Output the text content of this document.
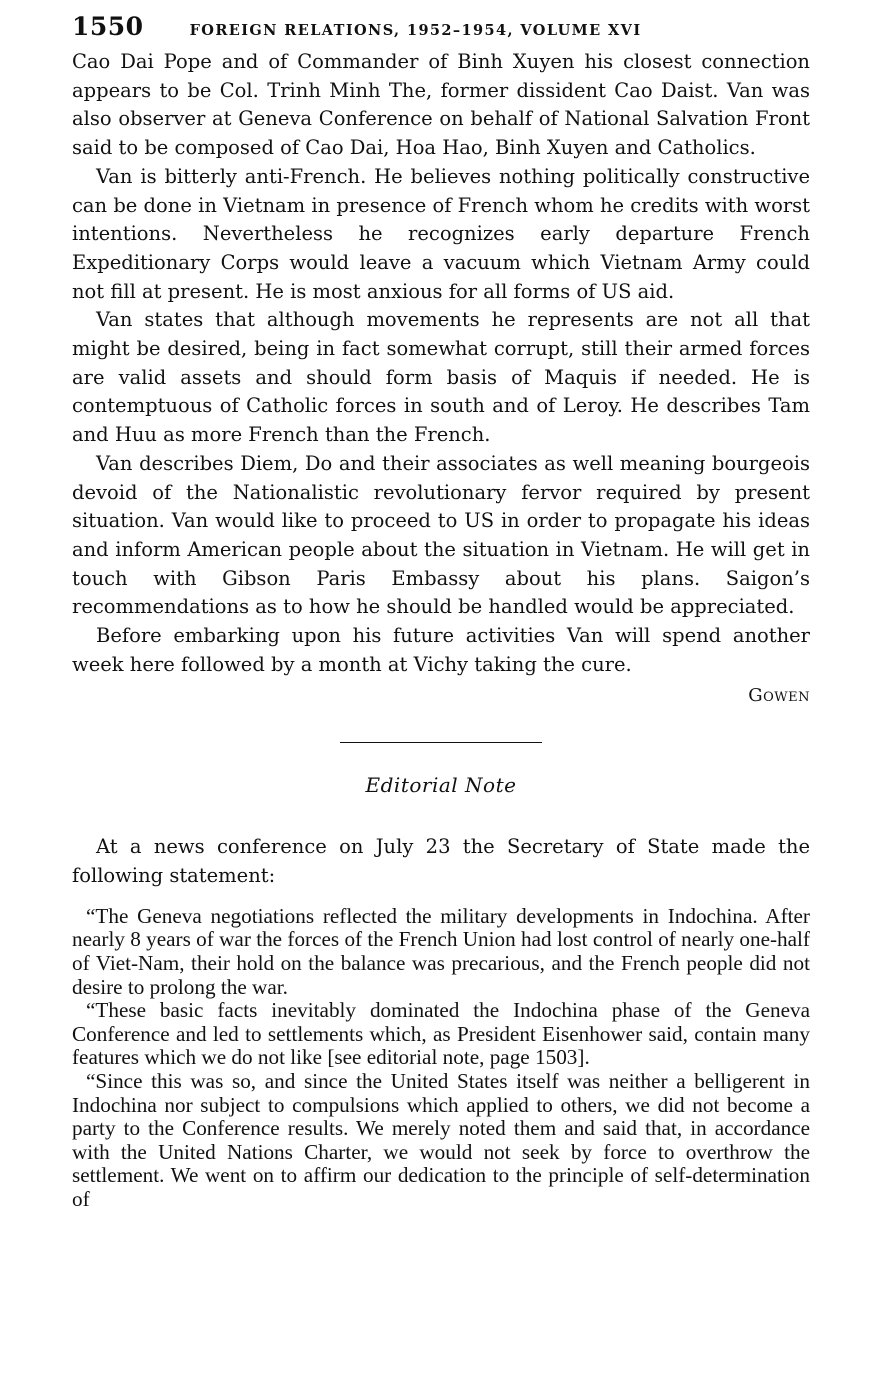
1550	FOREIGN RELATIONS, 1952–1954, VOLUME XVI

Cao Dai Pope and of Commander of Binh Xuyen his closest connection appears to be Col. Trinh Minh The, former dissident Cao Daist. Van was also observer at Geneva Conference on behalf of National Salvation Front said to be composed of Cao Dai, Hoa Hao, Binh Xuyen and Catholics.

Van is bitterly anti-French. He believes nothing politically constructive can be done in Vietnam in presence of French whom he credits with worst intentions. Nevertheless he recognizes early departure French Expeditionary Corps would leave a vacuum which Vietnam Army could not fill at present. He is most anxious for all forms of US aid.

Van states that although movements he represents are not all that might be desired, being in fact somewhat corrupt, still their armed forces are valid assets and should form basis of Maquis if needed. He is contemptuous of Catholic forces in south and of Leroy. He describes Tam and Huu as more French than the French.

Van describes Diem, Do and their associates as well meaning bourgeois devoid of the Nationalistic revolutionary fervor required by present situation. Van would like to proceed to US in order to propagate his ideas and inform American people about the situation in Vietnam. He will get in touch with Gibson Paris Embassy about his plans. Saigon’s recommendations as to how he should be handled would be appreciated.

Before embarking upon his future activities Van will spend another week here followed by a month at Vichy taking the cure.

Gowen
Editorial Note

At a news conference on July 23 the Secretary of State made the following statement:

“The Geneva negotiations reflected the military developments in Indochina. After nearly 8 years of war the forces of the French Union had lost control of nearly one-half of Viet-Nam, their hold on the balance was precarious, and the French people did not desire to prolong the war.

“These basic facts inevitably dominated the Indochina phase of the Geneva Conference and led to settlements which, as President Eisenhower said, contain many features which we do not like [see editorial note, page 1503].

“Since this was so, and since the United States itself was neither a belligerent in Indochina nor subject to compulsions which applied to others, we did not become a party to the Conference results. We merely noted them and said that, in accordance with the United Nations Charter, we would not seek by force to overthrow the settlement. We went on to affirm our dedication to the principle of self-determination of
